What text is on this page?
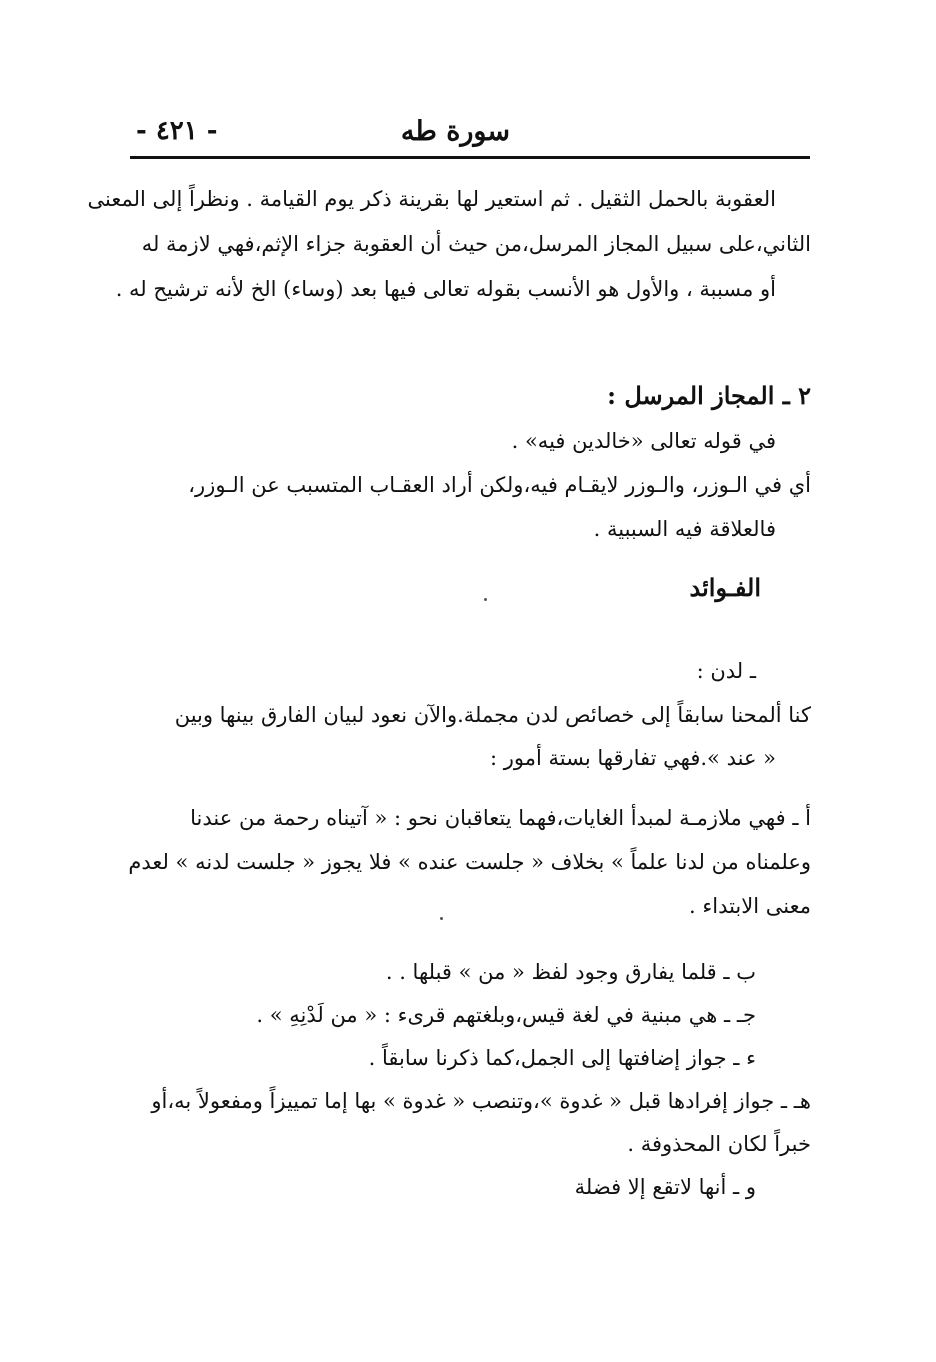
سورة طه
- ٤٢١ -
العقوبة بالحمل الثقيل . ثم استعير لها بقرينة ذكر يوم القيامة . ونظراً إلى المعنى
الثاني،على سبيل المجاز المرسل،من حيث أن العقوبة جزاء الإثم،فهي لازمة له
أو مسببة ، والأول هو الأنسب بقوله تعالى فيها بعد (وساء) الخ لأنه ترشيح له .
٢ ـ المجاز المرسل :
في قوله تعالى «خالدين فيه» .
أي في الـوزر، والـوزر لايقـام فيه،ولكن أراد العقـاب المتسبب عن الـوزر،
فالعلاقة فيه السببية .
الفـوائد
ـ لدن :
كنا ألمحنا سابقاً إلى خصائص لدن مجملة.والآن نعود لبيان الفارق بينها وبين
« عند ».فهي تفارقها بستة أمور :
أ ـ فهي ملازمـة لمبدأ الغايات،فهما يتعاقبان نحو : « آتيناه رحمة من عندنا
وعلمناه من لدنا علماً » بخلاف « جلست عنده » فلا يجوز « جلست لدنه » لعدم
معنى الابتداء .
ب ـ قلما يفارق وجود لفظ « من » قبلها . .
جـ ـ هي مبنية في لغة قيس،وبلغتهم قرىء : « من لَدْنِهِ » .
ء ـ جواز إضافتها إلى الجمل،كما ذكرنا سابقاً .
هـ ـ جواز إفرادها قبل « غدوة »،وتنصب « غدوة » بها إما تمييزاً ومفعولاً به،أو
خبراً لكان المحذوفة .
و ـ أنها لاتقع إلا فضلة
